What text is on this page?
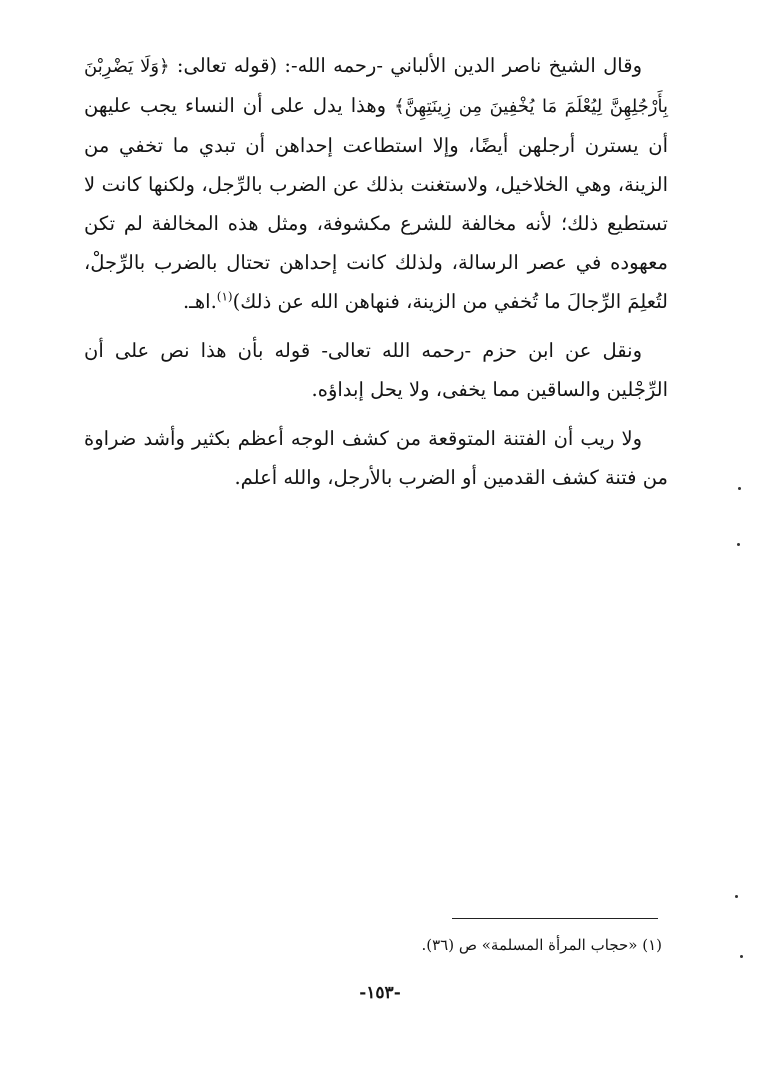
وقال الشيخ ناصر الدين الألباني -رحمه الله-: (قوله تعالى: ﴿وَلَا يَضْرِبْنَ بِأَرْجُلِهِنَّ لِيُعْلَمَ مَا يُخْفِينَ مِن زِينَتِهِنَّ﴾ وهذا يدل على أن النساء يجب عليهن أن يسترن أرجلهن أيضًا، وإلا استطاعت إحداهن أن تبدي ما تخفي من الزينة، وهي الخلاخيل، ولاستغنت بذلك عن الضرب بالرِّجل، ولكنها كانت لا تستطيع ذلك؛ لأنه مخالفة للشرع مكشوفة، ومثل هذه المخالفة لم تكن معهوده في عصر الرسالة، ولذلك كانت إحداهن تحتال بالضرب بالرِّجلْ، لتُعلِمَ الرِّجالَ ما تُخفي من الزينة، فنهاهن الله عن ذلك)$^{(١)}$.اهـ.

ونقل عن ابن حزم -رحمه الله تعالى- قوله بأن هذا نص على أن الرِّجْلين والساقين مما يخفى، ولا يحل إبداؤه.

ولا ريب أن الفتنة المتوقعة من كشف الوجه أعظم بكثير وأشد ضراوة من فتنة كشف القدمين أو الضرب بالأرجل، والله أعلم.

(١) «حجاب المرأة المسلمة» ص (٣٦).
-١٥٣-
